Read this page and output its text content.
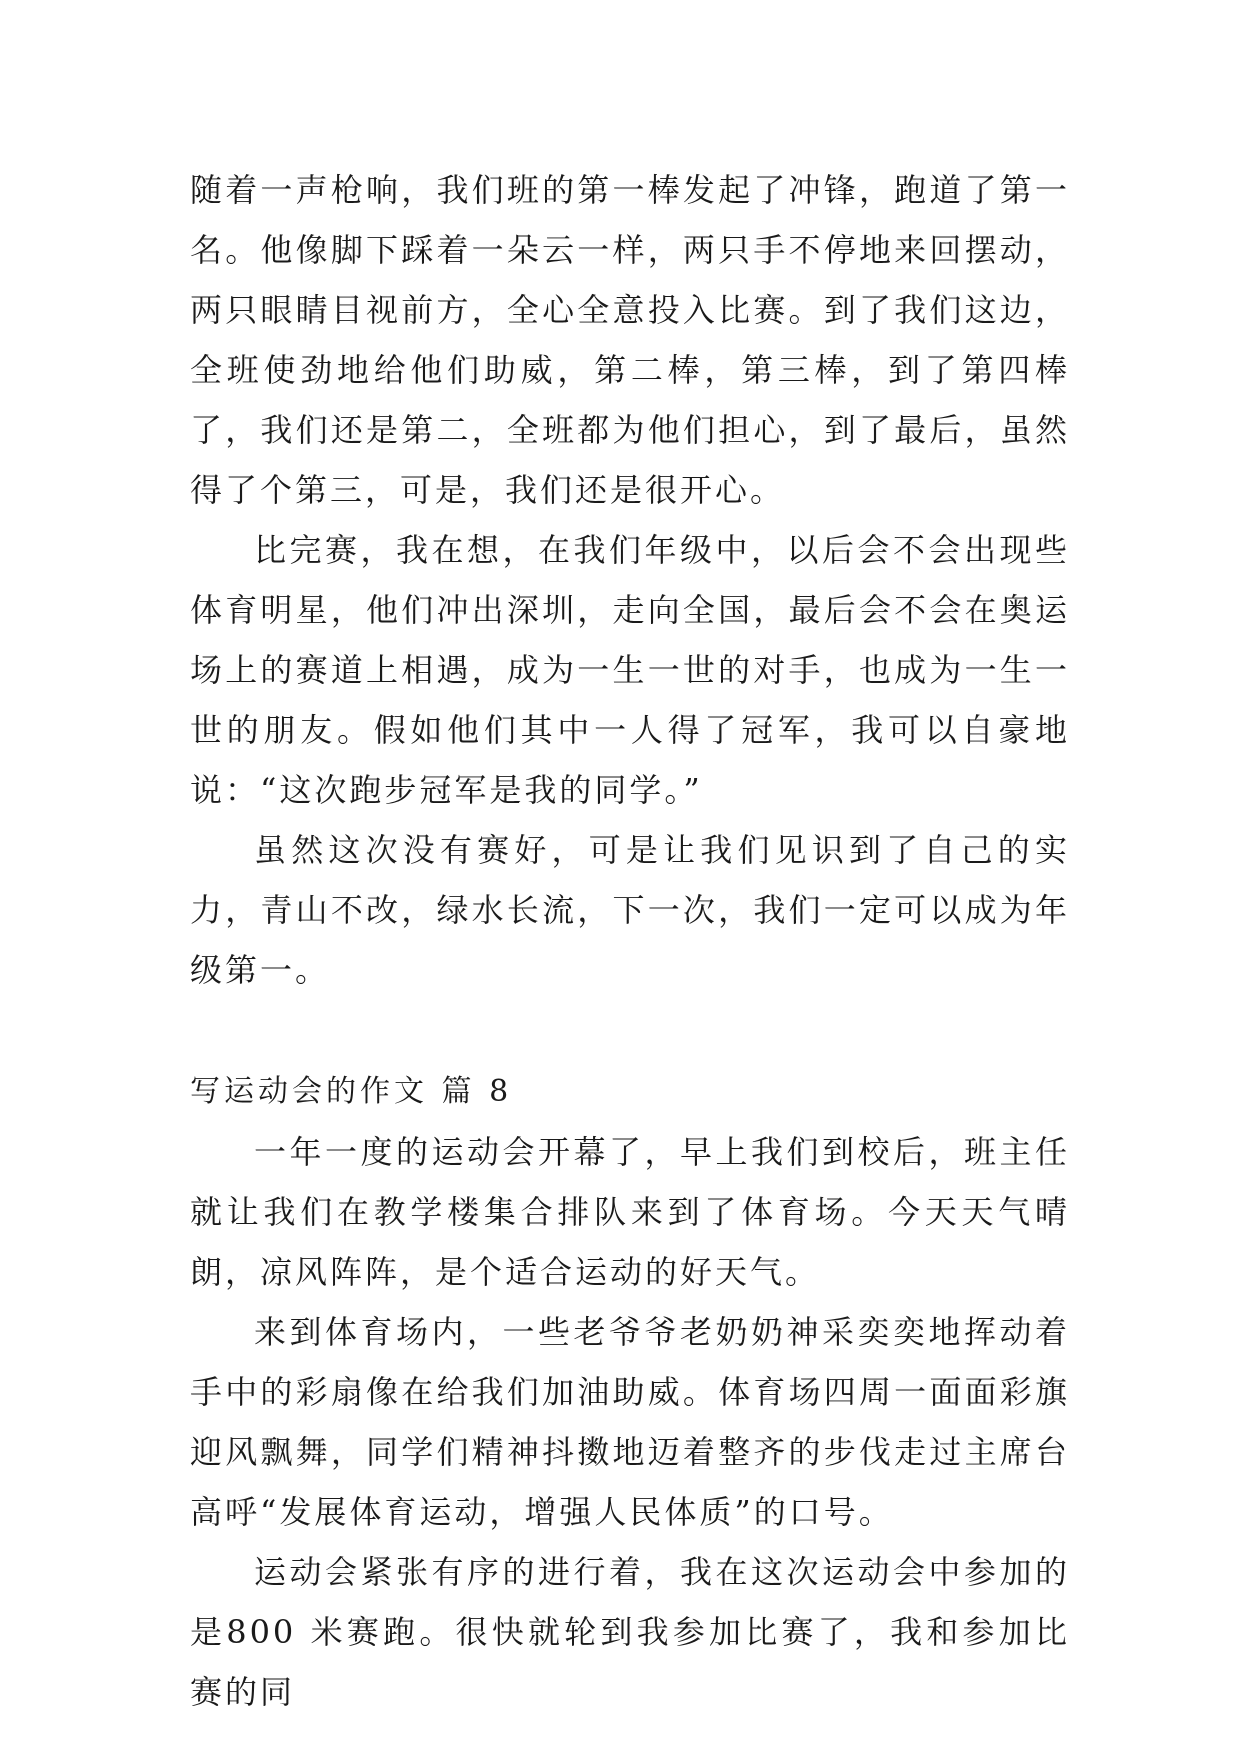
随着一声枪响，我们班的第一棒发起了冲锋，跑道了第一名。他像脚下踩着一朵云一样，两只手不停地来回摆动，两只眼睛目视前方，全心全意投入比赛。到了我们这边，全班使劲地给他们助威，第二棒，第三棒，到了第四棒了，我们还是第二，全班都为他们担心，到了最后，虽然得了个第三，可是，我们还是很开心。

比完赛，我在想，在我们年级中，以后会不会出现些体育明星，他们冲出深圳，走向全国，最后会不会在奥运场上的赛道上相遇，成为一生一世的对手，也成为一生一世的朋友。假如他们其中一人得了冠军，我可以自豪地说：“这次跑步冠军是我的同学。”

虽然这次没有赛好，可是让我们见识到了自己的实力，青山不改，绿水长流，下一次，我们一定可以成为年级第一。

写运动会的作文 篇 8

一年一度的运动会开幕了，早上我们到校后，班主任就让我们在教学楼集合排队来到了体育场。今天天气晴朗，凉风阵阵，是个适合运动的好天气。

来到体育场内，一些老爷爷老奶奶神采奕奕地挥动着手中的彩扇像在给我们加油助威。体育场四周一面面彩旗迎风飘舞，同学们精神抖擞地迈着整齐的步伐走过主席台高呼“发展体育运动，增强人民体质”的口号。

运动会紧张有序的进行着，我在这次运动会中参加的是800 米赛跑。很快就轮到我参加比赛了，我和参加比赛的同
